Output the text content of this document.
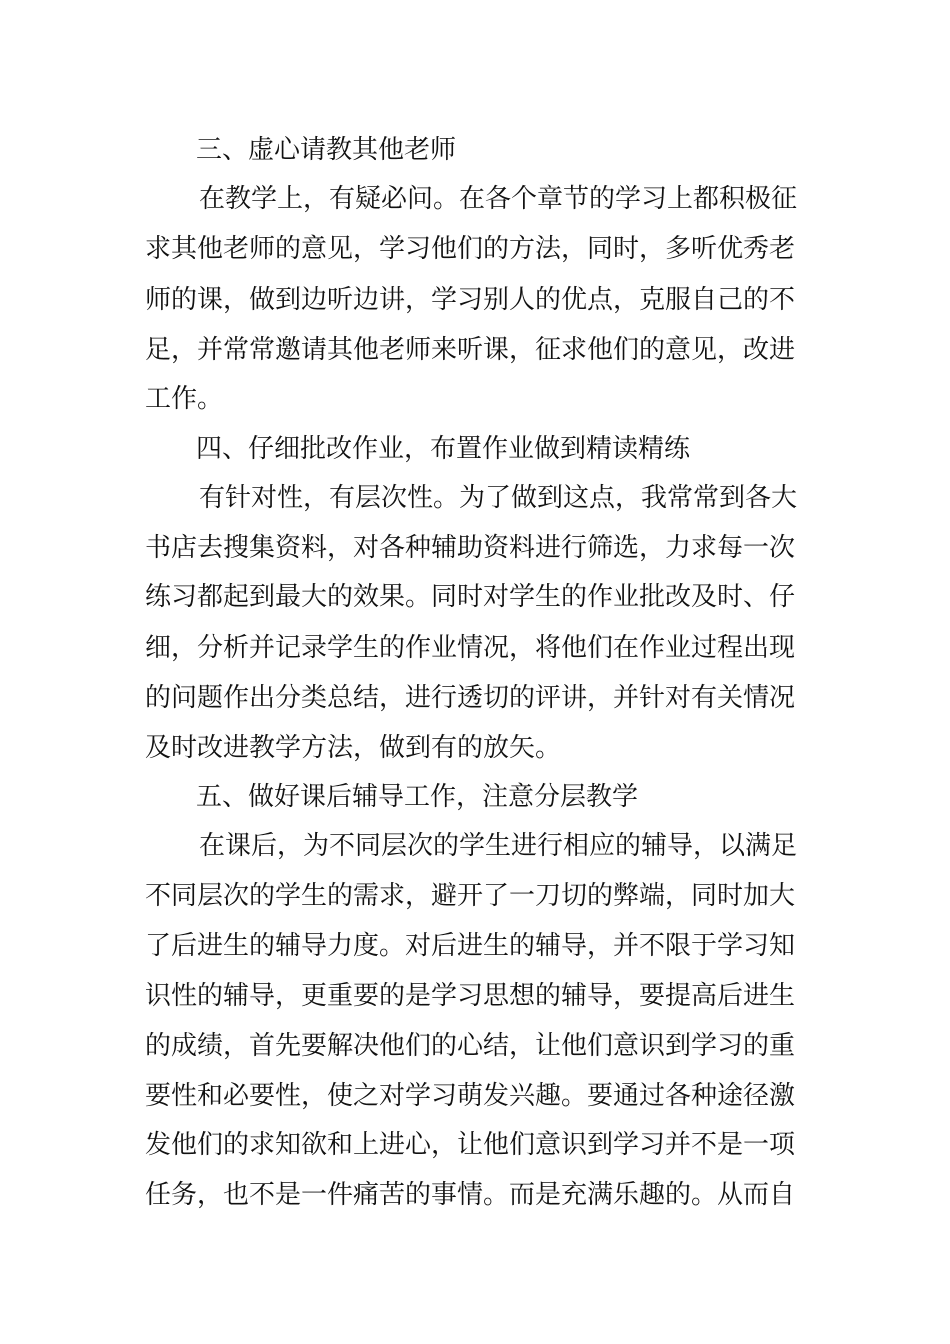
三、虚心请教其他老师
在教学上，有疑必问。在各个章节的学习上都积极征
求其他老师的意见，学习他们的方法，同时，多听优秀老
师的课，做到边听边讲，学习别人的优点，克服自己的不
足，并常常邀请其他老师来听课，征求他们的意见，改进
工作。
四、仔细批改作业，布置作业做到精读精练
有针对性，有层次性。为了做到这点，我常常到各大
书店去搜集资料，对各种辅助资料进行筛选，力求每一次
练习都起到最大的效果。同时对学生的作业批改及时、仔
细，分析并记录学生的作业情况，将他们在作业过程出现
的问题作出分类总结，进行透切的评讲，并针对有关情况
及时改进教学方法，做到有的放矢。
五、做好课后辅导工作，注意分层教学
在课后，为不同层次的学生进行相应的辅导，以满足
不同层次的学生的需求，避开了一刀切的弊端，同时加大
了后进生的辅导力度。对后进生的辅导，并不限于学习知
识性的辅导，更重要的是学习思想的辅导，要提高后进生
的成绩，首先要解决他们的心结，让他们意识到学习的重
要性和必要性，使之对学习萌发兴趣。要通过各种途径激
发他们的求知欲和上进心，让他们意识到学习并不是一项
任务，也不是一件痛苦的事情。而是充满乐趣的。从而自
